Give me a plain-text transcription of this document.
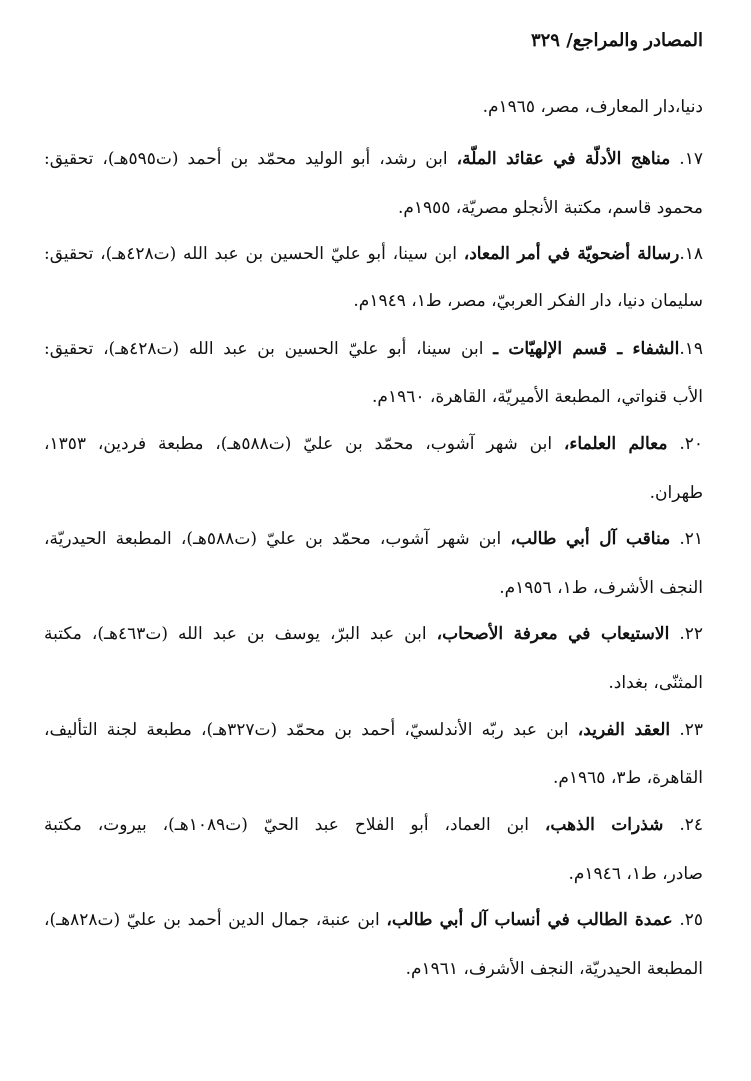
المصادر والمراجع/ ٣٢٩
دنيا،دار المعارف، مصر، ١٩٦٥م.
١٧. مناهج الأدلّة في عقائد الملّة، ابن رشد، أبو الوليد محمّد بن أحمد (ت٥٩٥هـ)، تحقيق:
محمود قاسم، مكتبة الأنجلو مصريّة، ١٩٥٥م.
١٨.رسالة أضحويّة في أمر المعاد، ابن سينا، أبو عليّ الحسين بن عبد الله (ت٤٢٨هـ)، تحقيق:
سليمان دنيا، دار الفكر العربيّ، مصر، ط١، ١٩٤٩م.
١٩.الشفاء ـ قسم الإلهيّات ـ ابن سينا، أبو عليّ الحسين بن عبد الله (ت٤٢٨هـ)، تحقيق:
الأب قنواتي، المطبعة الأميريّة، القاهرة، ١٩٦٠م.
٢٠. معالم العلماء، ابن شهر آشوب، محمّد بن عليّ (ت٥٨٨هـ)، مطبعة فردين، ١٣٥٣،
طهران.
٢١. مناقب آل أبي طالب، ابن شهر آشوب، محمّد بن عليّ (ت٥٨٨هـ)، المطبعة الحيدريّة،
النجف الأشرف، ط١، ١٩٥٦م.
٢٢. الاستيعاب في معرفة الأصحاب، ابن عبد البرّ، يوسف بن عبد الله (ت٤٦٣هـ)، مكتبة
المثنّى، بغداد.
٢٣. العقد الفريد، ابن عبد ربّه الأندلسيّ، أحمد بن محمّد (ت٣٢٧هـ)، مطبعة لجنة التأليف،
القاهرة، ط٣، ١٩٦٥م.
٢٤. شذرات الذهب، ابن العماد، أبو الفلاح عبد الحيّ (ت١٠٨٩هـ)، بيروت، مكتبة
صادر، ط١، ١٩٤٦م.
٢٥. عمدة الطالب في أنساب آل أبي طالب، ابن عنبة، جمال الدين أحمد بن عليّ (ت٨٢٨هـ)،
المطبعة الحيدريّة، النجف الأشرف، ١٩٦١م.
